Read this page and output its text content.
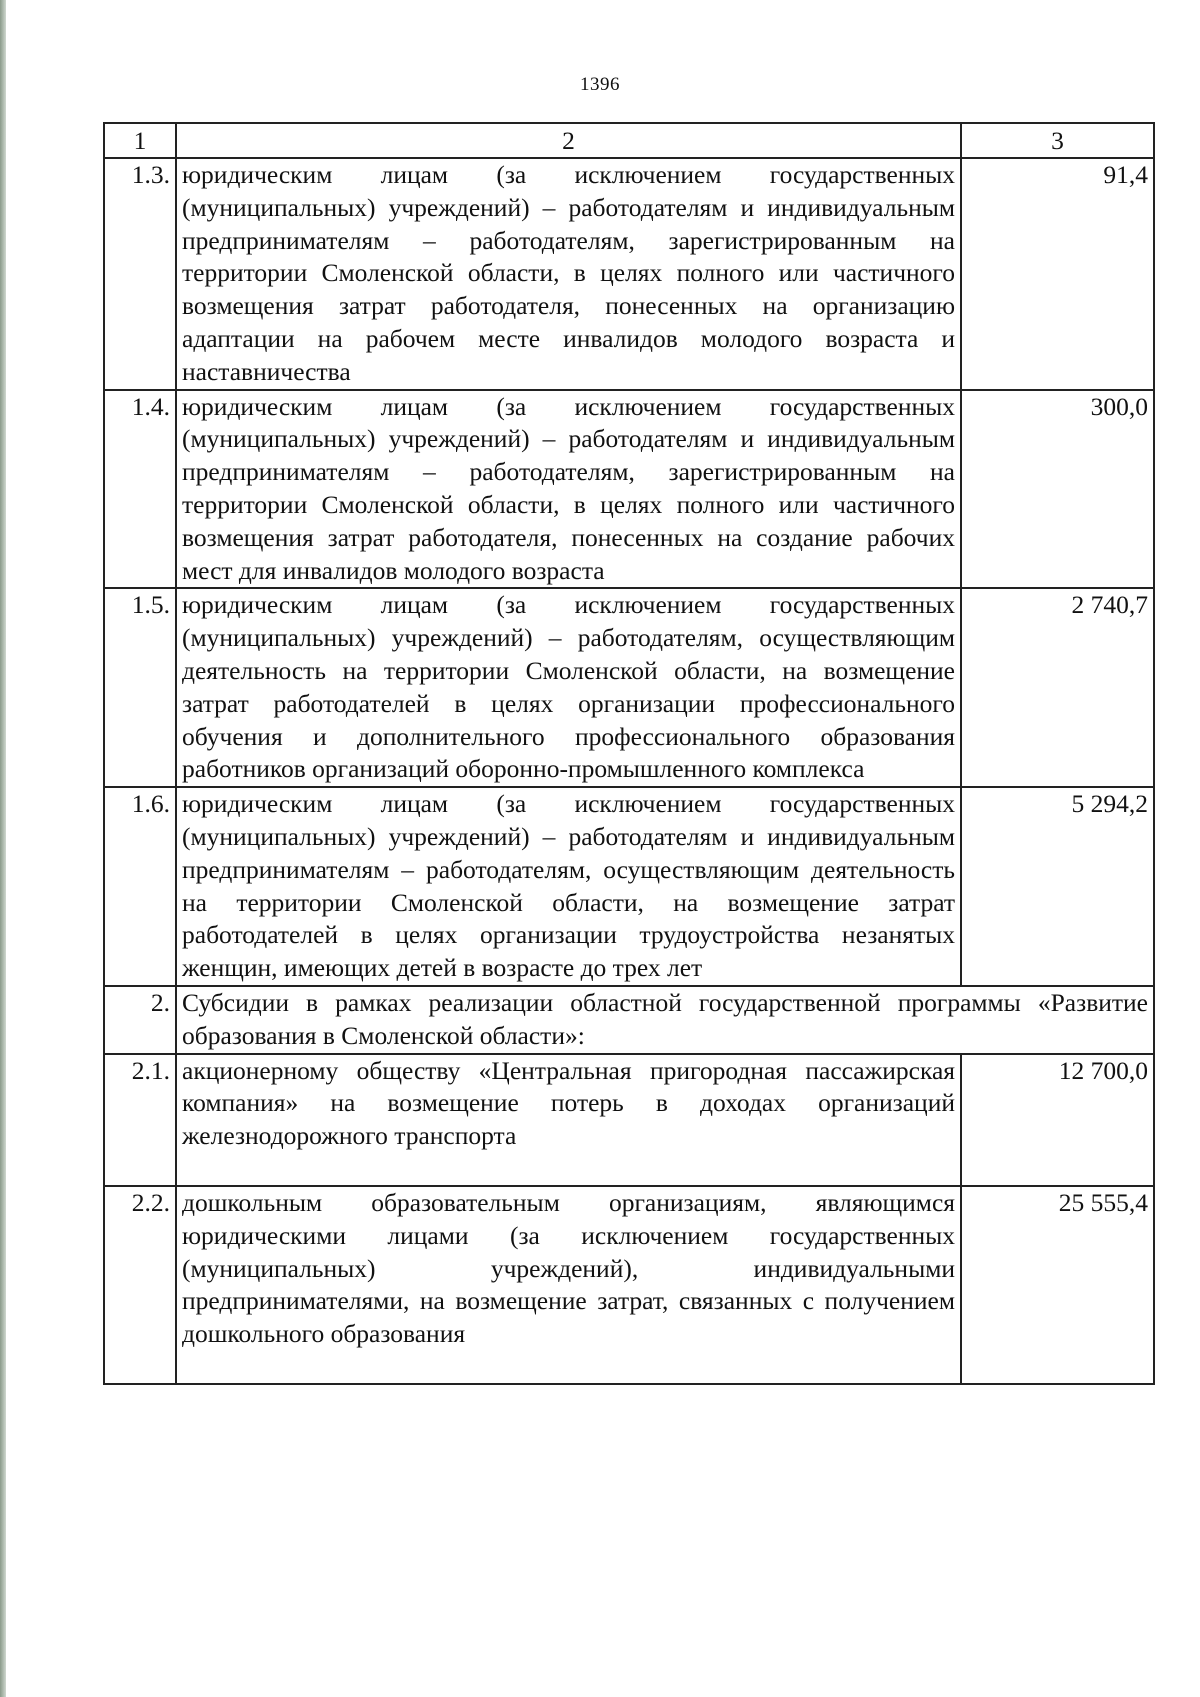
1396
1	2	3
1.3.	юридическим лицам (за исключением государственных (муниципальных) учреждений) – работодателям и индивидуальным предпринимателям – работодателям, зарегистрированным на территории Смоленской области, в целях полного или частичного возмещения затрат работодателя, понесенных на организацию адаптации на рабочем месте инвалидов молодого возраста и наставничества	91,4
1.4.	юридическим лицам (за исключением государственных (муниципальных) учреждений) – работодателям и индивидуальным предпринимателям – работодателям, зарегистрированным на территории Смоленской области, в целях полного или частичного возмещения затрат работодателя, понесенных на создание рабочих мест для инвалидов молодого возраста	300,0
1.5.	юридическим лицам (за исключением государственных (муниципальных) учреждений) – работодателям, осуществляющим деятельность на территории Смоленской области, на возмещение затрат работодателей в целях организации профессионального обучения и дополнительного профессионального образования работников организаций оборонно-промышленного комплекса	2 740,7
1.6.	юридическим лицам (за исключением государственных (муниципальных) учреждений) – работодателям и индивидуальным предпринимателям – работодателям, осуществляющим деятельность на территории Смоленской области, на возмещение затрат работодателей в целях организации трудоустройства незанятых женщин, имеющих детей в возрасте до трех лет	5 294,2
2.	Субсидии в рамках реализации областной государственной программы «Развитие образования в Смоленской области»:	
2.1.	акционерному обществу «Центральная пригородная пассажирская компания» на возмещение потерь в доходах организаций железнодорожного транспорта	12 700,0
2.2.	дошкольным образовательным организациям, являющимся юридическими лицами (за исключением государственных (муниципальных) учреждений), индивидуальными предпринимателями, на возмещение затрат, связанных с получением дошкольного образования	25 555,4
